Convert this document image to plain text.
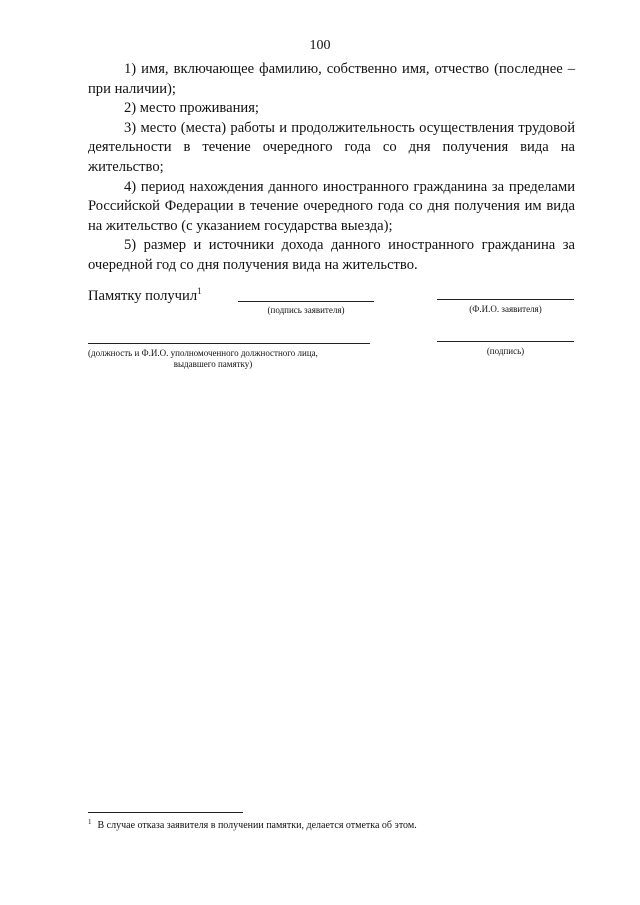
100

1) имя, включающее фамилию, собственно имя, отчество (последнее – при наличии);

2) место проживания;

3) место (места) работы и продолжительность осуществления трудовой деятельности в течение очередного года со дня получения вида на жительство;

4) период нахождения данного иностранного гражданина за пределами Российской Федерации в течение очередного года со дня получения им вида на жительство (с указанием государства выезда);

5) размер и источники дохода данного иностранного гражданина за очередной год со дня получения вида на жительство.

Памятку получил$^1$
(подпись заявителя)	(Ф.И.О. заявителя)
(должность и Ф.И.О. уполномоченного должностного лица,
выдавшего памятку)
(подпись)
$^1$ В случае отказа заявителя в получении памятки, делается отметка об этом.
